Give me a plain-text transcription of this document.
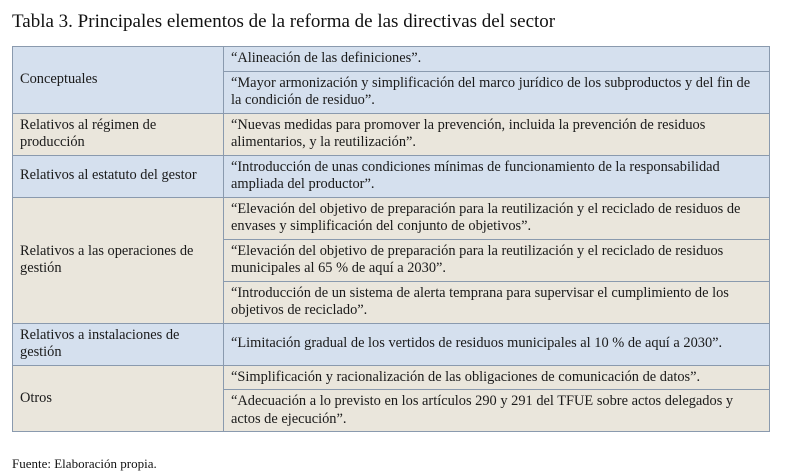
Tabla 3. Principales elementos de la reforma de las directivas del sector
Conceptuales	“Alineación de las definiciones”.
	“Mayor armonización y simplificación del marco jurídico de los subproductos y del fin de la condición de residuo”.
Relativos al régimen de producción	“Nuevas medidas para promover la prevención, incluida la prevención de residuos alimentarios, y la reutilización”.
Relativos al estatuto del gestor	“Introducción de unas condiciones mínimas de funcionamiento de la responsabilidad ampliada del productor”.
Relativos a las operaciones de gestión	“Elevación del objetivo de preparación para la reutilización y el reciclado de residuos de envases y simplificación del conjunto de objetivos”.
	“Elevación del objetivo de preparación para la reutilización y el reciclado de residuos municipales al 65 % de aquí a 2030”.
	“Introducción de un sistema de alerta temprana para supervisar el cumplimiento de los objetivos de reciclado”.
Relativos a instalaciones de gestión	“Limitación gradual de los vertidos de residuos municipales al 10 % de aquí a 2030”.
Otros	“Simplificación y racionalización de las obligaciones de comunicación de datos”.
	“Adecuación a lo previsto en los artículos 290 y 291 del TFUE sobre actos delegados y actos de ejecución”.
Fuente: Elaboración propia.
